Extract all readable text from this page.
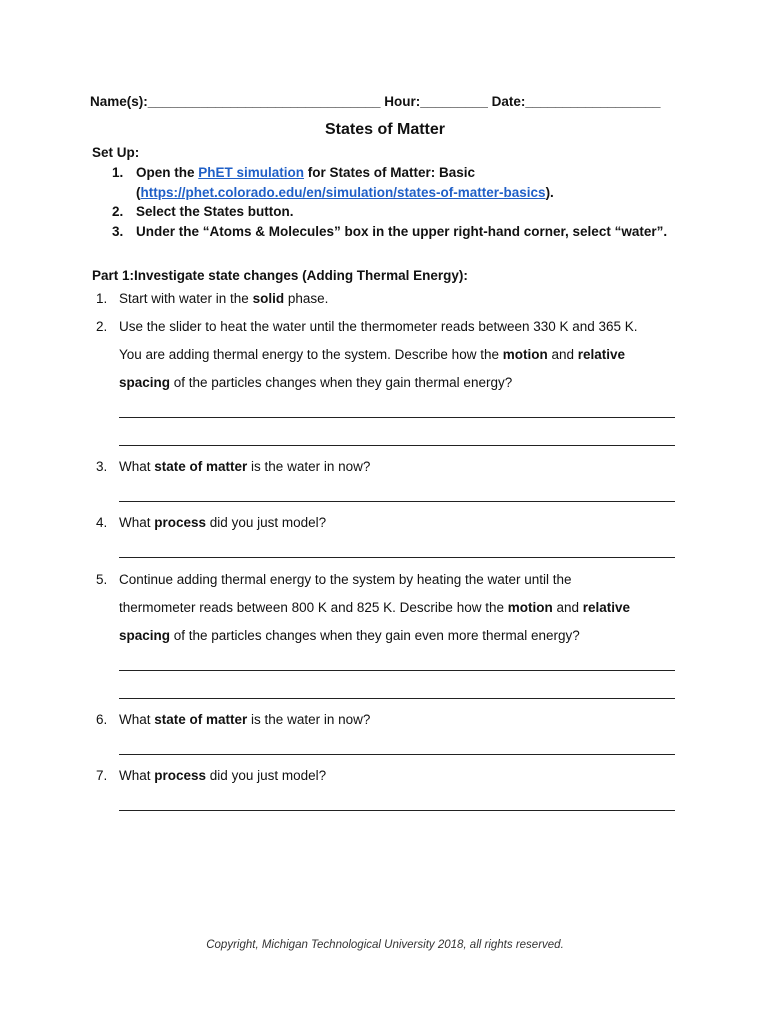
Name(s):_______________________________ Hour:_________ Date:__________________
States of Matter
Set Up:
1. Open the PhET simulation for States of Matter: Basic
(https://phet.colorado.edu/en/simulation/states-of-matter-basics).
2. Select the States button.
3. Under the “Atoms & Molecules” box in the upper right-hand corner, select “water”.
Part 1:Investigate state changes (Adding Thermal Energy):
1. Start with water in the solid phase.
2. Use the slider to heat the water until the thermometer reads between 330 K and 365 K.
You are adding thermal energy to the system. Describe how the motion and relative
spacing of the particles changes when they gain thermal energy?
3. What state of matter is the water in now?
4. What process did you just model?
5. Continue adding thermal energy to the system by heating the water until the
thermometer reads between 800 K and 825 K. Describe how the motion and relative
spacing of the particles changes when they gain even more thermal energy?
6. What state of matter is the water in now?
7. What process did you just model?
Copyright, Michigan Technological University 2018, all rights reserved.
